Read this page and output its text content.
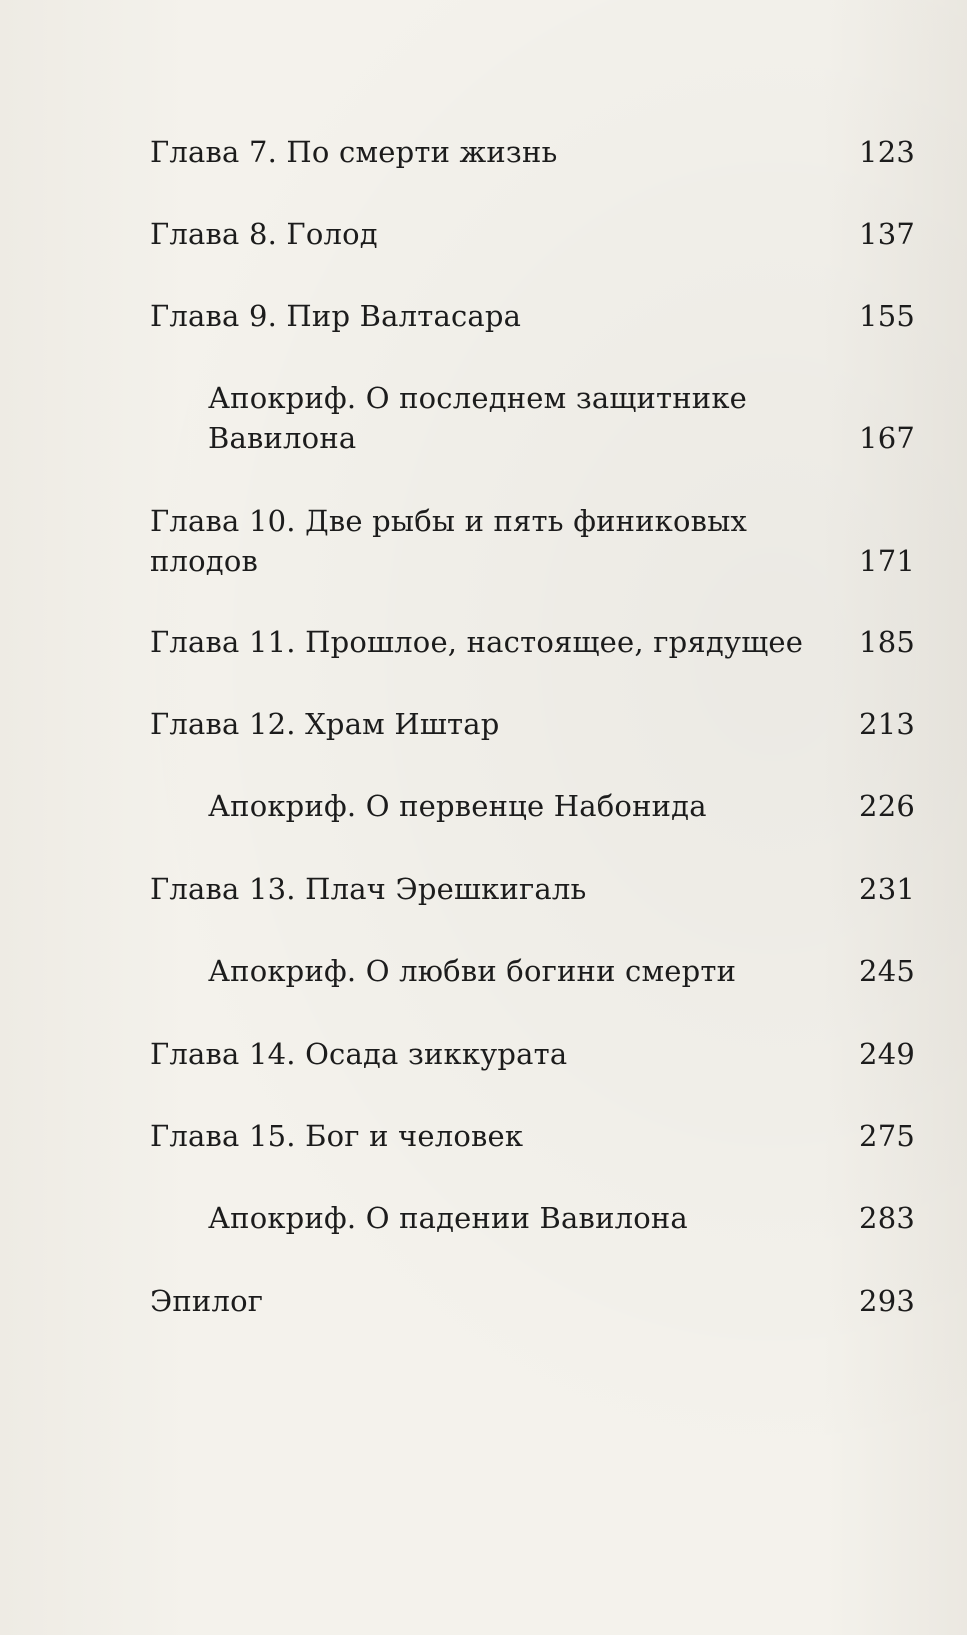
Глава 7. По смерти жизнь	123
Глава 8. Голод	137
Глава 9. Пир Валтасара	155
Апокриф. О последнем защитнике
Вавилона	167
Глава 10. Две рыбы и пять финиковых
плодов	171
Глава 11. Прошлое, настоящее, грядущее	185
Глава 12. Храм Иштар	213
Апокриф. О первенце Набонида	226
Глава 13. Плач Эрешкигаль	231
Апокриф. О любви богини смерти	245
Глава 14. Осада зиккурата	249
Глава 15. Бог и человек	275
Апокриф. О падении Вавилона	283
Эпилог	293
